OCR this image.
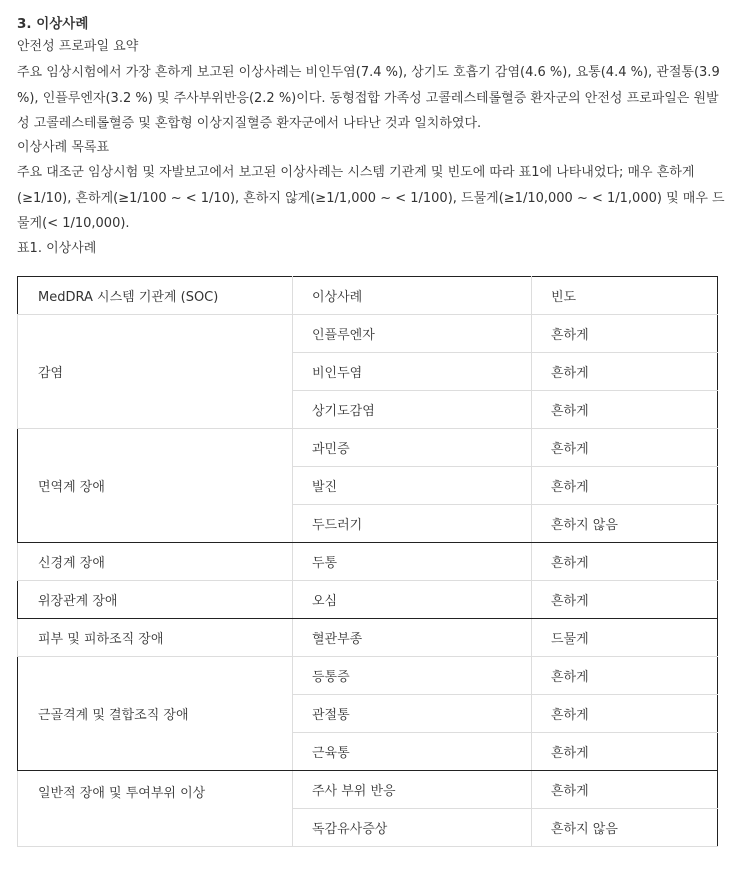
3. 이상사례
안전성 프로파일 요약
주요 임상시험에서 가장 흔하게 보고된 이상사례는 비인두염(7.4 %), 상기도 호흡기 감염(4.6 %), 요통(4.4 %), 관절통(3.9 %), 인플루엔자(3.2 %) 및 주사부위반응(2.2 %)이다. 동형접합 가족성 고콜레스테롤혈증 환자군의 안전성 프로파일은 원발성 고콜레스테롤혈증 및 혼합형 이상지질혈증 환자군에서 나타난 것과 일치하였다.
이상사례 목록표
주요 대조군 임상시험 및 자발보고에서 보고된 이상사례는 시스템 기관계 및 빈도에 따라 표1에 나타내었다; 매우 흔하게(≥1/10), 흔하게(≥1/100 ~ < 1/10), 흔하지 않게(≥1/1,000 ~ < 1/100), 드물게(≥1/10,000 ~ < 1/1,000) 및 매우 드물게(< 1/10,000).
표1. 이상사례
MedDRA 시스템 기관계 (SOC)	이상사례	빈도
감염	인플루엔자	흔하게
	비인두염	흔하게
	상기도감염	흔하게
면역계 장애	과민증	흔하게
	발진	흔하게
	두드러기	흔하지 않음
신경계 장애	두통	흔하게
위장관계 장애	오심	흔하게
피부 및 피하조직 장애	혈관부종	드물게
근골격계 및 결합조직 장애	등통증	흔하게
	관절통	흔하게
	근육통	흔하게
일반적 장애 및 투여부위 이상	주사 부위 반응	흔하게
	독감유사증상	흔하지 않음
